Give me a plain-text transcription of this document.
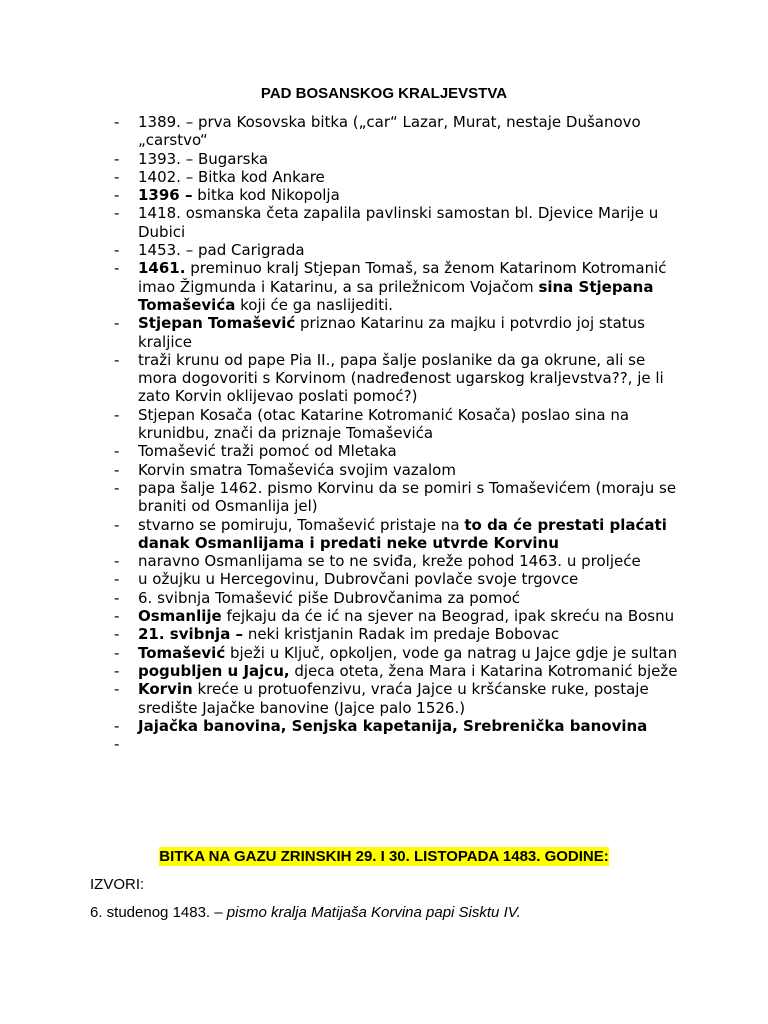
PAD BOSANSKOG KRALJEVSTVA
- 1389. – prva Kosovska bitka („car“ Lazar, Murat, nestaje Dušanovo „carstvo“
- 1393. – Bugarska
- 1402. – Bitka kod Ankare
- 1396 – bitka kod Nikopolja
- 1418. osmanska četa zapalila pavlinski samostan bl. Djevice Marije u Dubici
- 1453. – pad Carigrada
- 1461. preminuo kralj Stjepan Tomaš, sa ženom Katarinom Kotromanić imao Žigmunda i Katarinu, a sa priležnicom Vojačom sina Stjepana Tomaševića koji će ga naslijediti.
- Stjepan Tomašević priznao Katarinu za majku i potvrdio joj status kraljice
- traži krunu od pape Pia II., papa šalje poslanike da ga okrune, ali se mora dogovoriti s Korvinom (nadređenost ugarskog kraljevstva??, je li zato Korvin oklijevao poslati pomoć?)
- Stjepan Kosača (otac Katarine Kotromanić Kosača) poslao sina na krunidbu, znači da priznaje Tomaševića
- Tomašević traži pomoć od Mletaka
- Korvin smatra Tomaševića svojim vazalom
- papa šalje 1462. pismo Korvinu da se pomiri s Tomaševićem (moraju se braniti od Osmanlija jel)
- stvarno se pomiruju, Tomašević pristaje na to da će prestati plaćati danak Osmanlijama i predati neke utvrde Korvinu
- naravno Osmanlijama se to ne sviđa, kreže pohod 1463. u proljeće
- u ožujku u Hercegovinu, Dubrovčani povlače svoje trgovce
- 6. svibnja Tomašević piše Dubrovčanima za pomoć
- Osmanlije fejkaju da će ić na sjever na Beograd, ipak skreću na Bosnu
- 21. svibnja – neki kristjanin Radak im predaje Bobovac
- Tomašević bježi u Ključ, opkoljen, vode ga natrag u Jajce gdje je sultan
- pogubljen u Jajcu, djeca oteta, žena Mara i Katarina Kotromanić bježe
- Korvin kreće u protuofenzivu, vraća Jajce u kršćanske ruke, postaje središte Jajačke banovine (Jajce palo 1526.)
- Jajačka banovina, Senjska kapetanija, Srebrenička banovina
-

BITKA NA GAZU ZRINSKIH 29. I 30. LISTOPADA 1483. GODINE:
IZVORI:
6. studenog 1483. – pismo kralja Matijaša Korvina papi Sisktu IV.
